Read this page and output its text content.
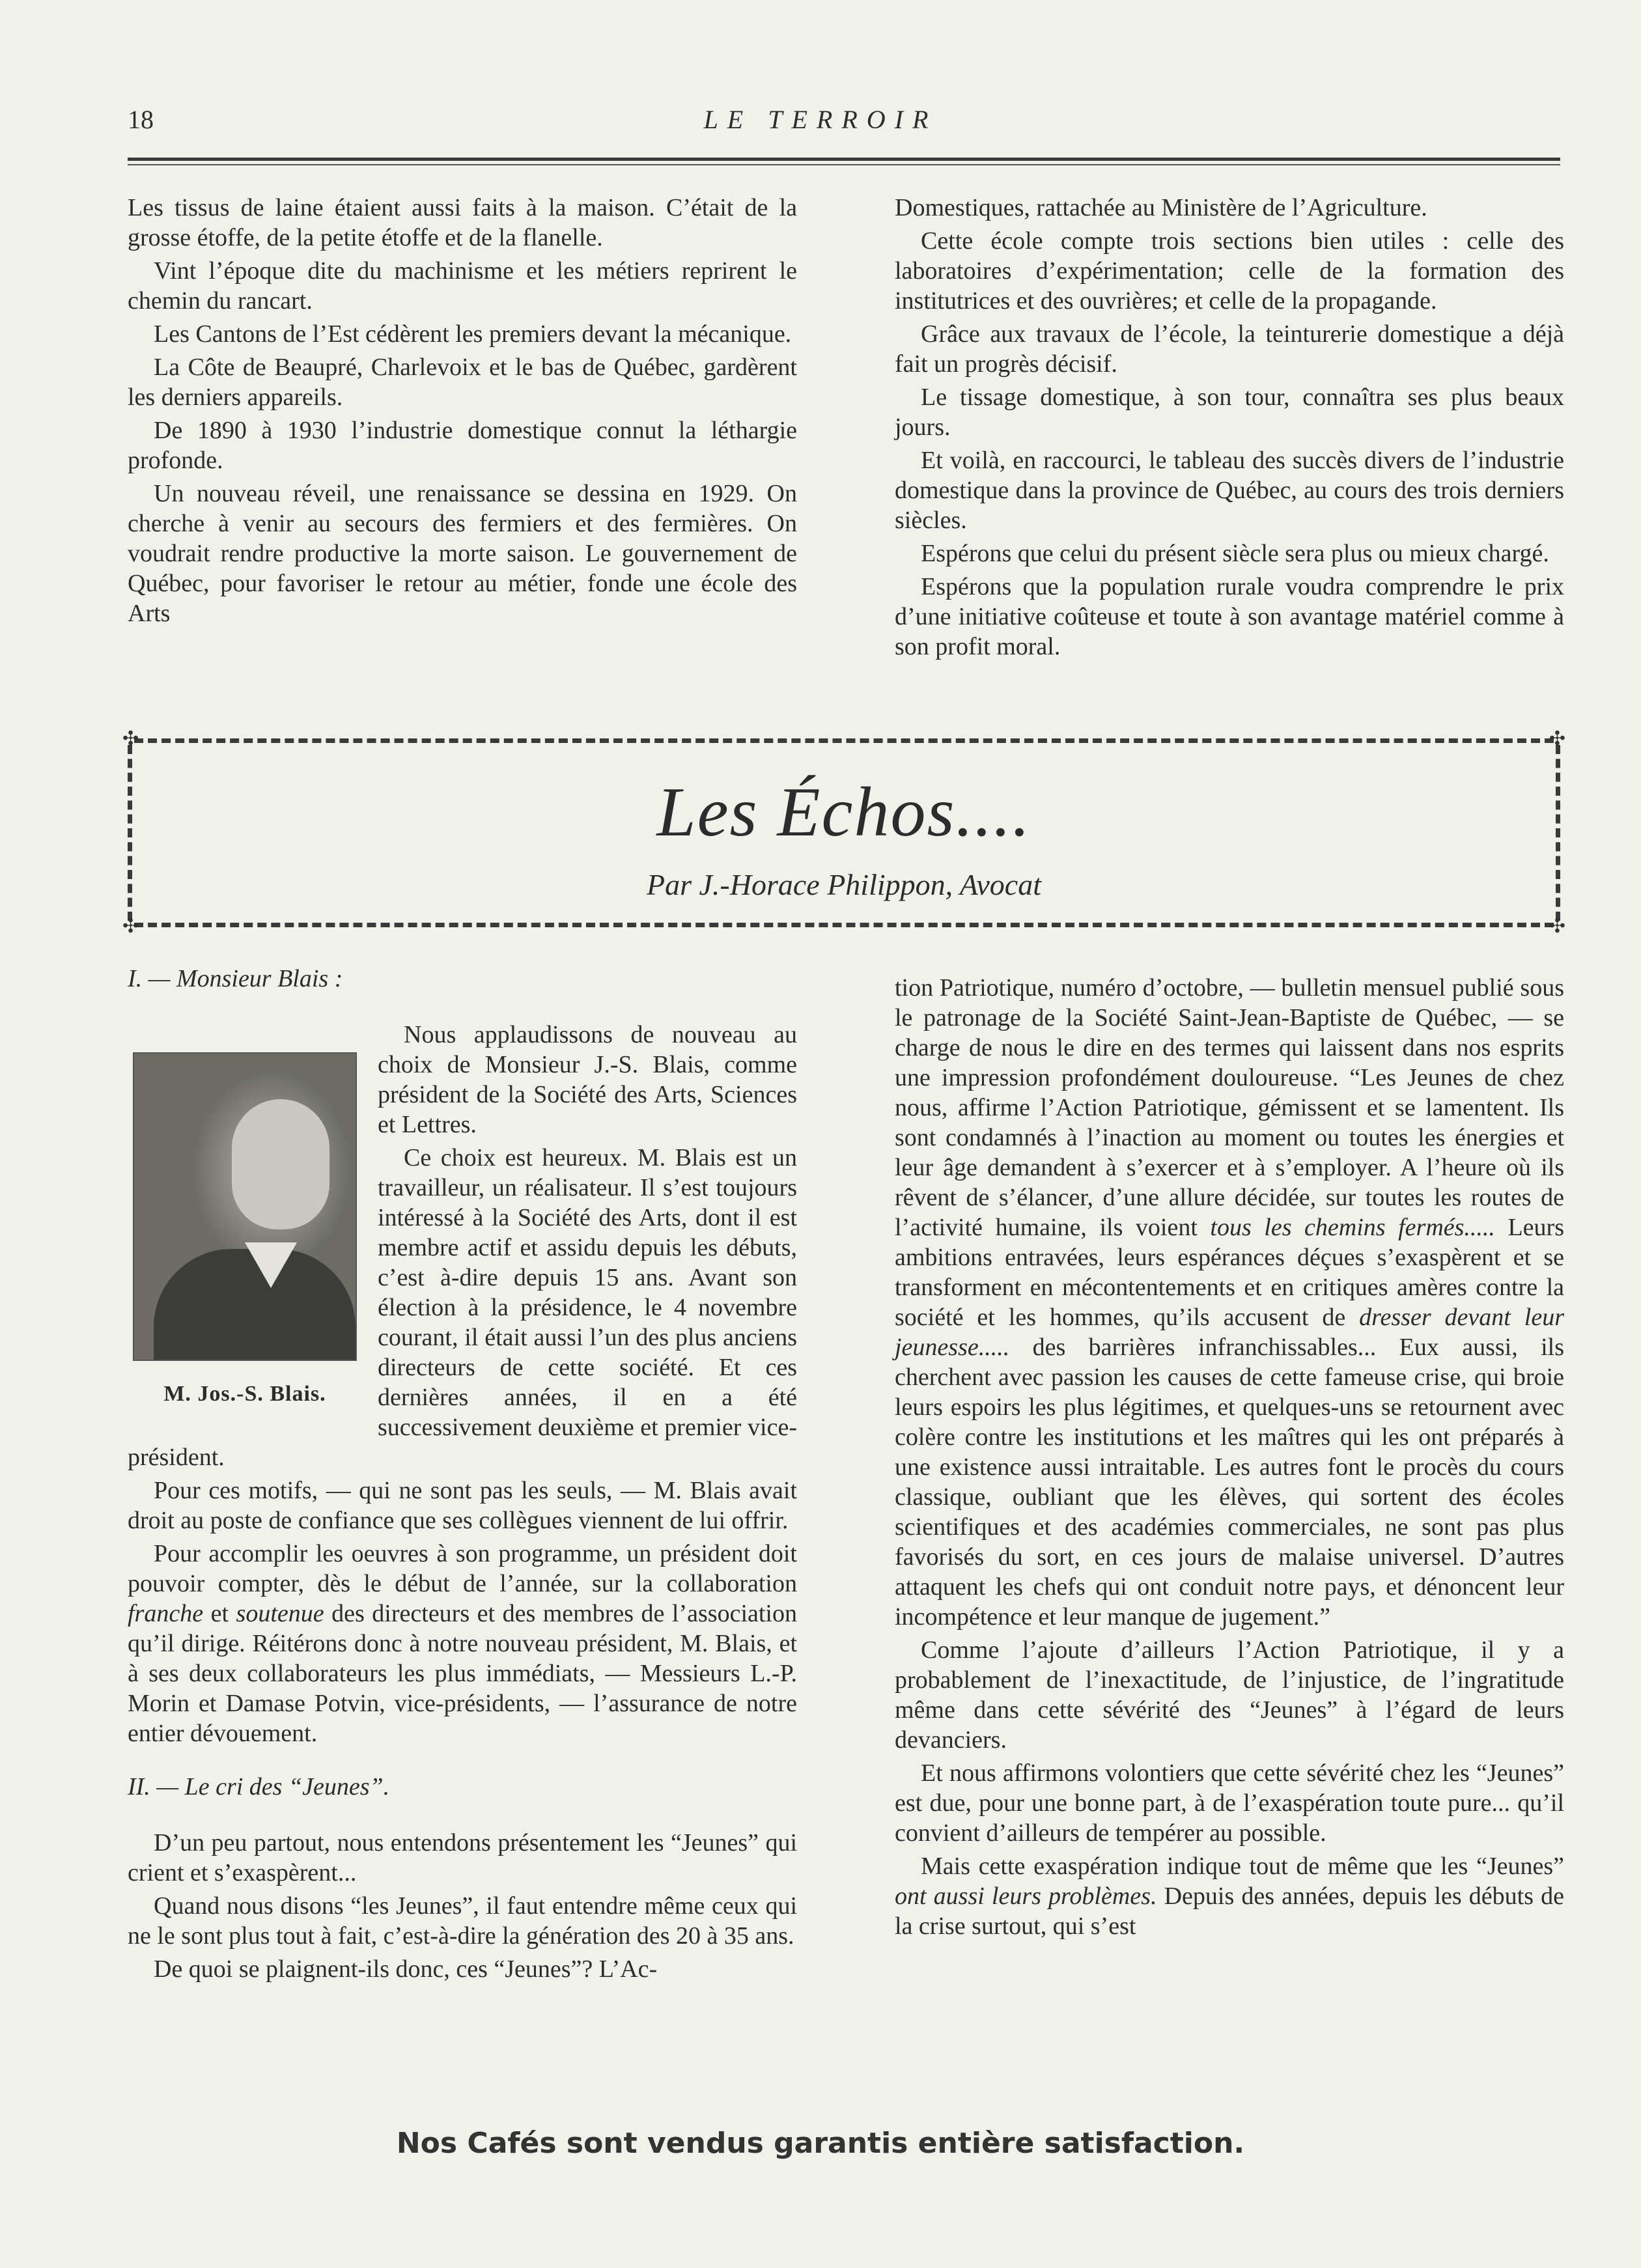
18	LE TERROIR

Les tissus de laine étaient aussi faits à la maison. C’était de la grosse étoffe, de la petite étoffe et de la flanelle.

Vint l’époque dite du machinisme et les métiers reprirent le chemin du rancart.

Les Cantons de l’Est cédèrent les premiers devant la mécanique.

La Côte de Beaupré, Charlevoix et le bas de Québec, gardèrent les derniers appareils.

De 1890 à 1930 l’industrie domestique connut la léthargie profonde.

Un nouveau réveil, une renaissance se dessina en 1929. On cherche à venir au secours des fermiers et des fermières. On voudrait rendre productive la morte saison. Le gouvernement de Québec, pour favoriser le retour au métier, fonde une école des Arts

Domestiques, rattachée au Ministère de l’Agriculture.

Cette école compte trois sections bien utiles : celle des laboratoires d’expérimentation; celle de la formation des institutrices et des ouvrières; et celle de la propagande.

Grâce aux travaux de l’école, la teinturerie domestique a déjà fait un progrès décisif.

Le tissage domestique, à son tour, connaîtra ses plus beaux jours.

Et voilà, en raccourci, le tableau des succès divers de l’industrie domestique dans la province de Québec, au cours des trois derniers siècles.

Espérons que celui du présent siècle sera plus ou mieux chargé.

Espérons que la population rurale voudra comprendre le prix d’une initiative coûteuse et toute à son avantage matériel comme à son profit moral.

✣	✣
✣	✣
Les Échos....
Par J.-Horace Philippon, Avocat

I. — Monsieur Blais :

M. Jos.-S. Blais.

Nous applaudissons de nouveau au choix de Monsieur J.-S. Blais, comme président de la Société des Arts, Sciences et Lettres.

Ce choix est heureux. M. Blais est un travailleur, un réalisateur. Il s’est toujours intéressé à la Société des Arts, dont il est membre actif et assidu depuis les débuts, c’est à-dire depuis 15 ans. Avant son élection à la présidence, le 4 novembre courant, il était aussi l’un des plus anciens directeurs de cette société. Et ces dernières années, il en a été successivement deuxième et premier vice-président.

Pour ces motifs, — qui ne sont pas les seuls, — M. Blais avait droit au poste de confiance que ses collègues viennent de lui offrir.

Pour accomplir les oeuvres à son programme, un président doit pouvoir compter, dès le début de l’année, sur la collaboration franche et soutenue des directeurs et des membres de l’association qu’il dirige. Réitérons donc à notre nouveau président, M. Blais, et à ses deux collaborateurs les plus immédiats, — Messieurs L.-P. Morin et Damase Potvin, vice-présidents, — l’assurance de notre entier dévouement.

II. — Le cri des “Jeunes”.

D’un peu partout, nous entendons présentement les “Jeunes” qui crient et s’exaspèrent...

Quand nous disons “les Jeunes”, il faut entendre même ceux qui ne le sont plus tout à fait, c’est-à-dire la génération des 20 à 35 ans.

De quoi se plaignent-ils donc, ces “Jeunes”? L’Ac-

tion Patriotique, numéro d’octobre, — bulletin mensuel publié sous le patronage de la Société Saint-Jean-Baptiste de Québec, — se charge de nous le dire en des termes qui laissent dans nos esprits une impression profondément douloureuse. “Les Jeunes de chez nous, affirme l’Action Patriotique, gémissent et se lamentent. Ils sont condamnés à l’inaction au moment ou toutes les énergies et leur âge demandent à s’exercer et à s’employer. A l’heure où ils rêvent de s’élancer, d’une allure décidée, sur toutes les routes de l’activité humaine, ils voient tous les chemins fermés..... Leurs ambitions entravées, leurs espérances déçues s’exaspèrent et se transforment en mécontentements et en critiques amères contre la société et les hommes, qu’ils accusent de dresser devant leur jeunesse..... des barrières infranchissables... Eux aussi, ils cherchent avec passion les causes de cette fameuse crise, qui broie leurs espoirs les plus légitimes, et quelques-uns se retournent avec colère contre les institutions et les maîtres qui les ont préparés à une existence aussi intraitable. Les autres font le procès du cours classique, oubliant que les élèves, qui sortent des écoles scientifiques et des académies commerciales, ne sont pas plus favorisés du sort, en ces jours de malaise universel. D’autres attaquent les chefs qui ont conduit notre pays, et dénoncent leur incompétence et leur manque de jugement.”

Comme l’ajoute d’ailleurs l’Action Patriotique, il y a probablement de l’inexactitude, de l’injustice, de l’ingratitude même dans cette sévérité des “Jeunes” à l’égard de leurs devanciers.

Et nous affirmons volontiers que cette sévérité chez les “Jeunes” est due, pour une bonne part, à de l’exaspération toute pure... qu’il convient d’ailleurs de tempérer au possible.

Mais cette exaspération indique tout de même que les “Jeunes” ont aussi leurs problèmes. Depuis des années, depuis les débuts de la crise surtout, qui s’est

Nos Cafés sont vendus garantis entière satisfaction.
